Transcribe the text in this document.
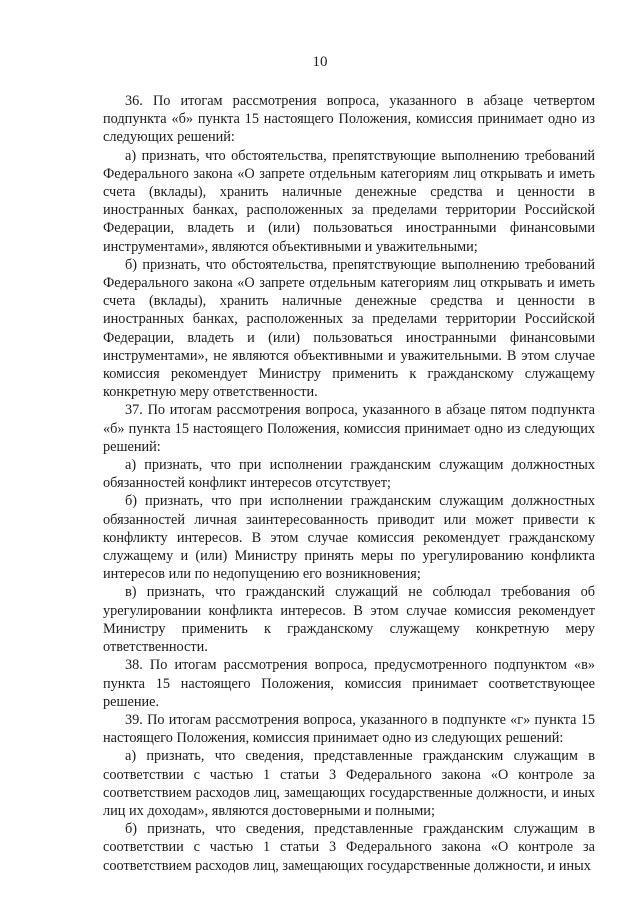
10

36. По итогам рассмотрения вопроса, указанного в абзаце четвертом подпункта «б» пункта 15 настоящего Положения, комиссия принимает одно из следующих решений:

а) признать, что обстоятельства, препятствующие выполнению требований Федерального закона «О запрете отдельным категориям лиц открывать и иметь счета (вклады), хранить наличные денежные средства и ценности в иностранных банках, расположенных за пределами территории Российской Федерации, владеть и (или) пользоваться иностранными финансовыми инструментами», являются объективными и уважительными;

б) признать, что обстоятельства, препятствующие выполнению требований Федерального закона «О запрете отдельным категориям лиц открывать и иметь счета (вклады), хранить наличные денежные средства и ценности в иностранных банках, расположенных за пределами территории Российской Федерации, владеть и (или) пользоваться иностранными финансовыми инструментами», не являются объективными и уважительными. В этом случае комиссия рекомендует Министру применить к гражданскому служащему конкретную меру ответственности.

37. По итогам рассмотрения вопроса, указанного в абзаце пятом подпункта «б» пункта 15 настоящего Положения, комиссия принимает одно из следующих решений:

а) признать, что при исполнении гражданским служащим должностных обязанностей конфликт интересов отсутствует;

б) признать, что при исполнении гражданским служащим должностных обязанностей личная заинтересованность приводит или может привести к конфликту интересов. В этом случае комиссия рекомендует гражданскому служащему и (или) Министру принять меры по урегулированию конфликта интересов или по недопущению его возникновения;

в) признать, что гражданский служащий не соблюдал требования об урегулировании конфликта интересов. В этом случае комиссия рекомендует Министру применить к гражданскому служащему конкретную меру ответственности.

38. По итогам рассмотрения вопроса, предусмотренного подпунктом «в» пункта 15 настоящего Положения, комиссия принимает соответствующее решение.

39. По итогам рассмотрения вопроса, указанного в подпункте «г» пункта 15 настоящего Положения, комиссия принимает одно из следующих решений:

а) признать, что сведения, представленные гражданским служащим в соответствии с частью 1 статьи 3 Федерального закона «О контроле за соответствием расходов лиц, замещающих государственные должности, и иных лиц их доходам», являются достоверными и полными;

б) признать, что сведения, представленные гражданским служащим в соответствии с частью 1 статьи 3 Федерального закона «О контроле за соответствием расходов лиц, замещающих государственные должности, и иных
